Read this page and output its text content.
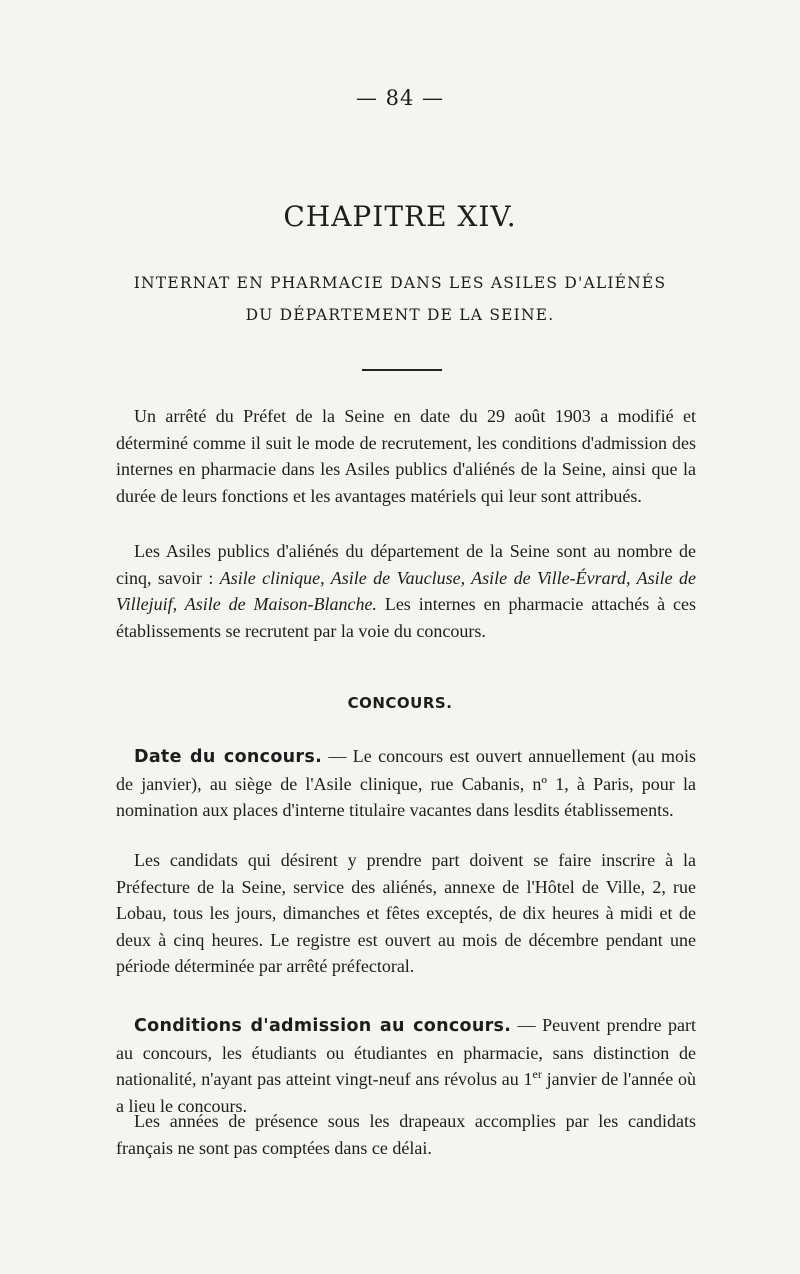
— 84 —
CHAPITRE XIV.
INTERNAT EN PHARMACIE DANS LES ASILES D'ALIÉNÉS
DU DÉPARTEMENT DE LA SEINE.

Un arrêté du Préfet de la Seine en date du 29 août 1903 a modifié et déterminé comme il suit le mode de recrutement, les conditions d'admission des internes en pharmacie dans les Asiles publics d'aliénés de la Seine, ainsi que la durée de leurs fonctions et les avantages matériels qui leur sont attribués.

Les Asiles publics d'aliénés du département de la Seine sont au nombre de cinq, savoir : Asile clinique, Asile de Vaucluse, Asile de Ville-Évrard, Asile de Villejuif, Asile de Maison-Blanche. Les internes en pharmacie attachés à ces établissements se recrutent par la voie du concours.

CONCOURS.

Date du concours. — Le concours est ouvert annuellement (au mois de janvier), au siège de l'Asile clinique, rue Cabanis, nº 1, à Paris, pour la nomination aux places d'interne titulaire vacantes dans lesdits établissements.

Les candidats qui désirent y prendre part doivent se faire inscrire à la Préfecture de la Seine, service des aliénés, annexe de l'Hôtel de Ville, 2, rue Lobau, tous les jours, dimanches et fêtes exceptés, de dix heures à midi et de deux à cinq heures. Le registre est ouvert au mois de décembre pendant une période déterminée par arrêté préfectoral.

Conditions d'admission au concours. — Peuvent prendre part au concours, les étudiants ou étudiantes en pharmacie, sans distinction de nationalité, n'ayant pas atteint vingt-neuf ans révolus au 1er janvier de l'année où a lieu le concours.

Les années de présence sous les drapeaux accomplies par les candidats français ne sont pas comptées dans ce délai.
